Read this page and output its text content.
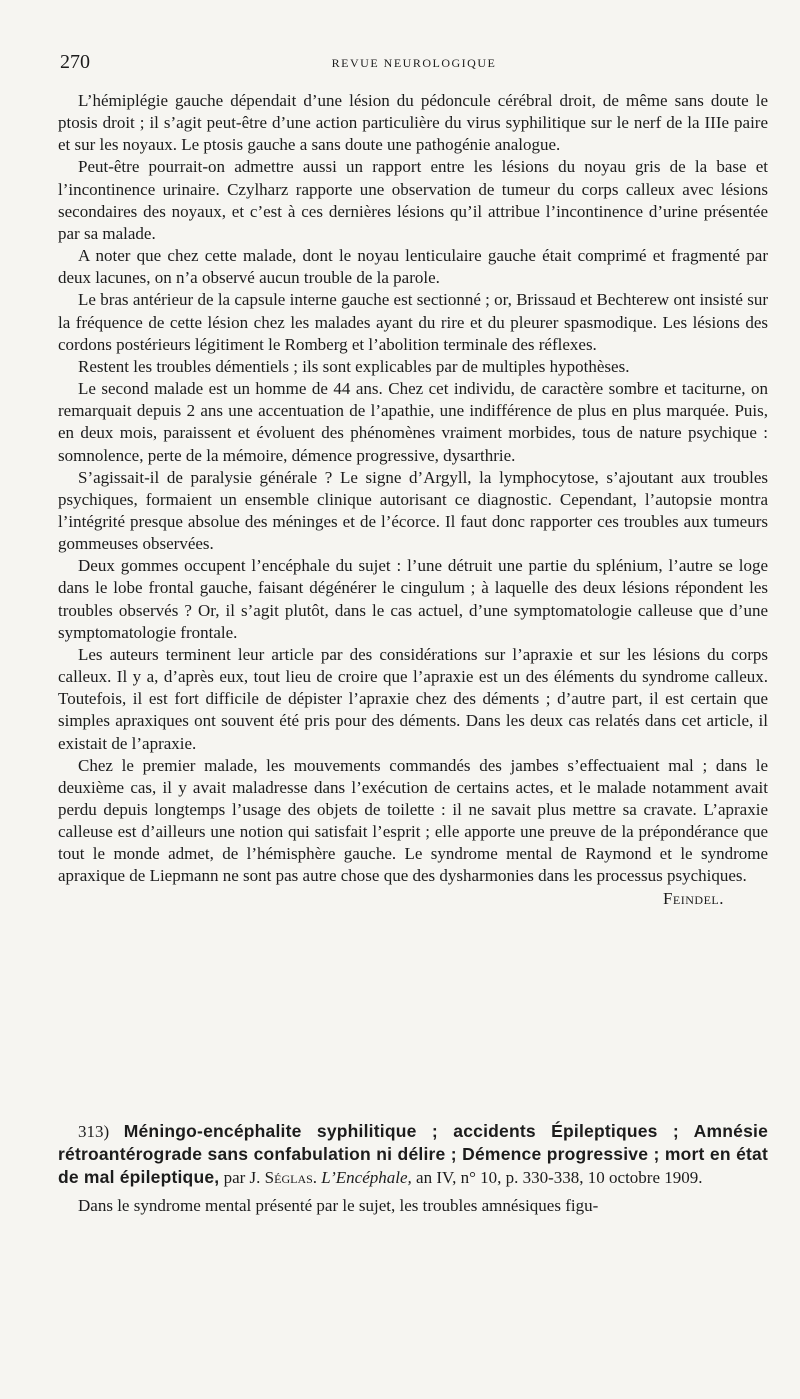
270	REVUE NEUROLOGIQUE

L’hémiplégie gauche dépendait d’une lésion du pédoncule cérébral droit, de même sans doute le ptosis droit ; il s’agit peut-être d’une action particulière du virus syphilitique sur le nerf de la IIIe paire et sur les noyaux. Le ptosis gauche a sans doute une pathogénie analogue.

Peut-être pourrait-on admettre aussi un rapport entre les lésions du noyau gris de la base et l’incontinence urinaire. Czylharz rapporte une observation de tumeur du corps calleux avec lésions secondaires des noyaux, et c’est à ces dernières lésions qu’il attribue l’incontinence d’urine présentée par sa malade.

A noter que chez cette malade, dont le noyau lenticulaire gauche était comprimé et fragmenté par deux lacunes, on n’a observé aucun trouble de la parole.

Le bras antérieur de la capsule interne gauche est sectionné ; or, Brissaud et Bechterew ont insisté sur la fréquence de cette lésion chez les malades ayant du rire et du pleurer spasmodique. Les lésions des cordons postérieurs légitiment le Romberg et l’abolition terminale des réflexes.

Restent les troubles démentiels ; ils sont explicables par de multiples hypothèses.

Le second malade est un homme de 44 ans. Chez cet individu, de caractère sombre et taciturne, on remarquait depuis 2 ans une accentuation de l’apathie, une indifférence de plus en plus marquée. Puis, en deux mois, paraissent et évoluent des phénomènes vraiment morbides, tous de nature psychique : somnolence, perte de la mémoire, démence progressive, dysarthrie.

S’agissait-il de paralysie générale ? Le signe d’Argyll, la lymphocytose, s’ajoutant aux troubles psychiques, formaient un ensemble clinique autorisant ce diagnostic. Cependant, l’autopsie montra l’intégrité presque absolue des méninges et de l’écorce. Il faut donc rapporter ces troubles aux tumeurs gommeuses observées.

Deux gommes occupent l’encéphale du sujet : l’une détruit une partie du splénium, l’autre se loge dans le lobe frontal gauche, faisant dégénérer le cingulum ; à laquelle des deux lésions répondent les troubles observés ? Or, il s’agit plutôt, dans le cas actuel, d’une symptomatologie calleuse que d’une symptomatologie frontale.

Les auteurs terminent leur article par des considérations sur l’apraxie et sur les lésions du corps calleux. Il y a, d’après eux, tout lieu de croire que l’apraxie est un des éléments du syndrome calleux. Toutefois, il est fort difficile de dépister l’apraxie chez des déments ; d’autre part, il est certain que simples apraxiques ont souvent été pris pour des déments. Dans les deux cas relatés dans cet article, il existait de l’apraxie.

Chez le premier malade, les mouvements commandés des jambes s’effectuaient mal ; dans le deuxième cas, il y avait maladresse dans l’exécution de certains actes, et le malade notamment avait perdu depuis longtemps l’usage des objets de toilette : il ne savait plus mettre sa cravate. L’apraxie calleuse est d’ailleurs une notion qui satisfait l’esprit ; elle apporte une preuve de la prépondérance que tout le monde admet, de l’hémisphère gauche. Le syndrome mental de Raymond et le syndrome apraxique de Liepmann ne sont pas autre chose que des dysharmonies dans les processus psychiques.

Feindel.

313) Méningo-encéphalite syphilitique ; accidents Épileptiques ; Amnésie rétroantérograde sans confabulation ni délire ; Démence progressive ; mort en état de mal épileptique, par J. Séglas. L’Encéphale, an IV, n° 10, p. 330-338, 10 octobre 1909.

Dans le syndrome mental présenté par le sujet, les troubles amnésiques figu-
